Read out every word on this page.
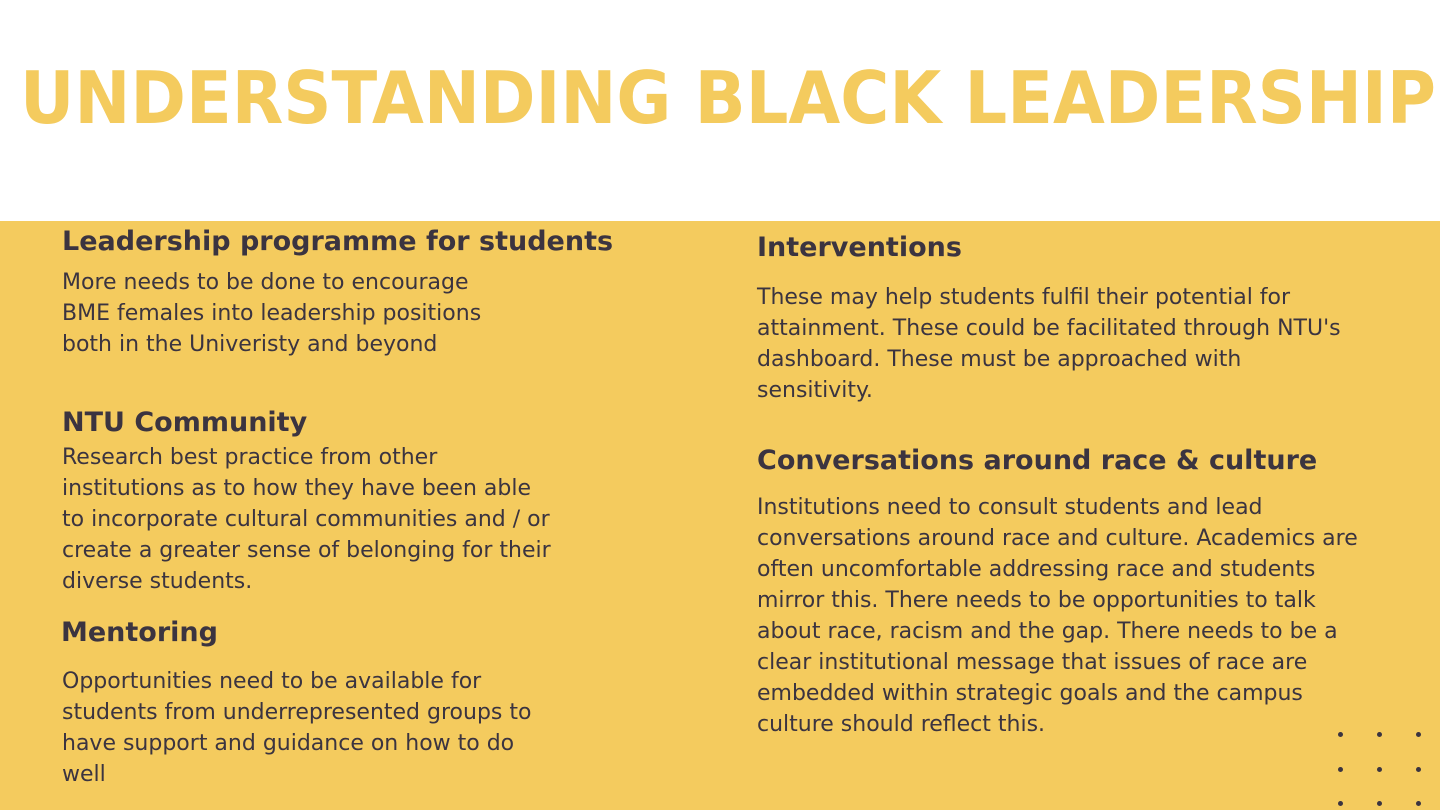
UNDERSTANDING BLACK LEADERSHIP
Leadership programme for students
More needs to be done to encourage BME females into leadership positions both in the Univeristy and beyond
NTU Community
Research best practice from other institutions as to how they have been able to incorporate cultural communities and / or create a greater sense of belonging for their diverse students.
Mentoring
Opportunities need to be available for students from underrepresented groups to have support and guidance on how to do well
Interventions
These may help students fulfil their potential for attainment. These could be facilitated through NTU's dashboard. These must be approached with sensitivity.
Conversations around race & culture
Institutions need to consult students and lead conversations around race and culture. Academics are often uncomfortable addressing race and students mirror this. There needs to be opportunities to talk about race, racism and the gap. There needs to be a clear institutional message that issues of race are embedded within strategic goals and the campus culture should reflect this.
